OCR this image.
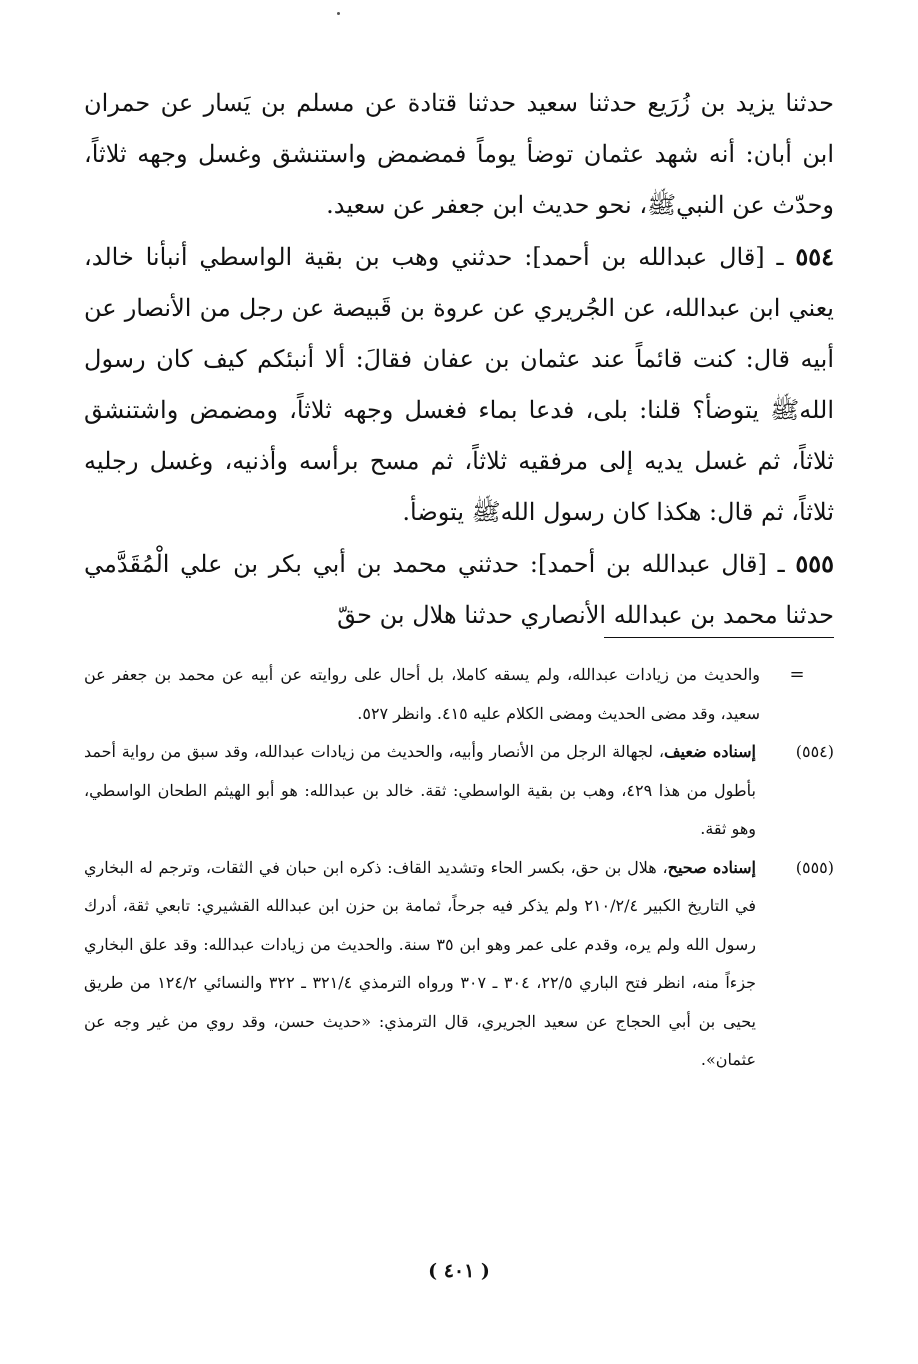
حدثنا يزيد بن زُرَيع حدثنا سعيد حدثنا قتادة عن مسلم بن يَسار عن حمران ابن أبان: أنه شهد عثمان توضأ يوماً فمضمض واستنشق وغسل وجهه ثلاثاً، وحدّث عن النبيﷺ، نحو حديث ابن جعفر عن سعيد.

٥٥٤ ـ [قال عبدالله بن أحمد]: حدثني وهب بن بقية الواسطي أنبأنا خالد، يعني ابن عبدالله، عن الجُريري عن عروة بن قَبيصة عن رجل من الأنصار عن أبيه قال: كنت قائماً عند عثمان بن عفان فقالَ: ألا أنبئكم كيف كان رسول اللهﷺ يتوضأ؟ قلنا: بلى، فدعا بماء فغسل وجهه ثلاثاً، ومضمض واشتنشق ثلاثاً، ثم غسل يديه إلى مرفقيه ثلاثاً، ثم مسح برأسه وأذنيه، وغسل رجليه ثلاثاً، ثم قال: هكذا كان رسول اللهﷺ يتوضأ.

٥٥٥ ـ [قال عبدالله بن أحمد]: حدثني محمد بن أبي بكر بن علي الْمُقَدَّمي حدثنا محمد بن عبدالله الأنصاري حدثنا هلال بن حقّ

=
والحديث من زيادات عبدالله، ولم يسقه كاملا، بل أحال على روايته عن أبيه عن محمد بن جعفر عن سعيد، وقد مضى الحديث ومضى الكلام عليه ٤١٥. وانظر ٥٢٧.
(٥٥٤)
إسناده ضعيف، لجهالة الرجل من الأنصار وأبيه، والحديث من زيادات عبدالله، وقد سبق من رواية أحمد بأطول من هذا ٤٢٩، وهب بن بقية الواسطي: ثقة. خالد بن عبدالله: هو أبو الهيثم الطحان الواسطي، وهو ثقة.
(٥٥٥)
إسناده صحيح، هلال بن حق، بكسر الحاء وتشديد القاف: ذكره ابن حبان في الثقات، وترجم له البخاري في التاريخ الكبير ٢١٠/٢/٤ ولم يذكر فيه جرحاً، ثمامة بن حزن ابن عبدالله القشيري: تابعي ثقة، أدرك رسول الله ولم يره، وقدم على عمر وهو ابن ٣٥ سنة. والحديث من زيادات عبدالله: وقد علق البخاري جزءاً منه، انظر فتح الباري ٢٢/٥، ٣٠٤ ـ ٣٠٧ ورواه الترمذي ٣٢١/٤ ـ ٣٢٢ والنسائي ١٢٤/٢ من طريق يحيى بن أبي الحجاج عن سعيد الجريري، قال الترمذي: «حديث حسن، وقد روي من غير وجه عن عثمان».
( ٤٠١ )
